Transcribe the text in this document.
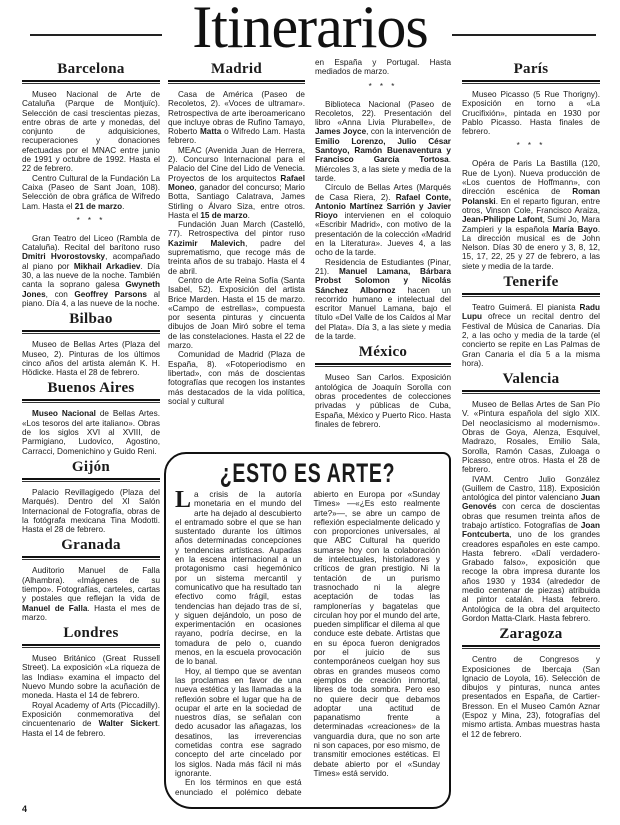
Itinerarios
Barcelona

Museo Nacional de Arte de Cataluña (Parque de Montjuïc). Selección de casi trescientas piezas, entre obras de arte y monedas, del conjunto de adquisiciones, recuperaciones y donaciones efectuadas por el MNAC entre junio de 1991 y octubre de 1992. Hasta el 22 de febrero.

Centro Cultural de la Fundación La Caixa (Paseo de Sant Joan, 108). Selección de obra gráfica de Wifredo Lam. Hasta el 21 de marzo.

* * *

Gran Teatro del Liceo (Rambla de Cataluña). Recital del barítono ruso Dmitri Hvorostovsky, acompañado al piano por Mikhail Arkadiev. Día 30, a las nueve de la noche. También canta la soprano galesa Gwyneth Jones, con Geoffrey Parsons al piano. Día 4, a las nueve de la noche.

Bilbao

Museo de Bellas Artes (Plaza del Museo, 2). Pinturas de los últimos cinco años del artista alemán K. H. Hödicke. Hasta el 28 de febrero.

Buenos Aires

Museo Nacional de Bellas Artes. «Los tesoros del arte italiano». Obras de los siglos XVI al XVIII, de Parmigiano, Ludovico, Agostino, Carracci, Domenichino y Guido Reni.

Gijón

Palacio Revillagigedo (Plaza del Marqués). Dentro del XI Salón Internacional de Fotografía, obras de la fotógrafa mexicana Tina Modotti. Hasta el 28 de febrero.

Granada

Auditorio Manuel de Falla (Alhambra). «Imágenes de su tiempo». Fotografías, carteles, cartas y postales que reflejan la vida de Manuel de Falla. Hasta el mes de marzo.

Londres

Museo Británico (Great Russell Street). La exposición «La riqueza de las Indias» examina el impacto del Nuevo Mundo sobre la acuñación de moneda. Hasta el 14 de febrero.

Royal Academy of Arts (Piccadilly). Exposición conmemorativa del cincuentenario de Walter Sickert. Hasta el 14 de febrero.

Madrid

Casa de América (Paseo de Recoletos, 2). «Voces de ultramar». Retrospectiva de arte iberoamericano que incluye obras de Rufino Tamayo, Roberto Matta o Wifredo Lam. Hasta febrero.

MEAC (Avenida Juan de Herrera, 2). Concurso Internacional para el Palacio del Cine del Lido de Venecia. Proyectos de los arquitectos Rafael Moneo, ganador del concurso; Mario Botta, Santiago Calatrava, James Stirling o Álvaro Siza, entre otros. Hasta el 15 de marzo.

Fundación Juan March (Castelló, 77). Retrospectiva del pintor ruso Kazimir Malevich, padre del suprematismo, que recoge más de treinta años de su trabajo. Hasta el 4 de abril.

Centro de Arte Reina Sofía (Santa Isabel, 52). Exposición del artista Brice Marden. Hasta el 15 de marzo. «Campo de estrellas», compuesta por sesenta pinturas y cincuenta dibujos de Joan Miró sobre el tema de las constelaciones. Hasta el 22 de marzo.

Comunidad de Madrid (Plaza de España, 8). «Fotoperiodismo en libertad», con más de doscientas fotografías que recogen los instantes más destacados de la vida política, social y cultural

en España y Portugal. Hasta mediados de marzo.

* * *

Biblioteca Nacional (Paseo de Recoletos, 22). Presentación del libro «Anna Livia Plurabelle», de James Joyce, con la intervención de Emilio Lorenzo, Julio César Santoyo, Ramón Buenaventura y Francisco García Tortosa. Miércoles 3, a las siete y media de la tarde.

Círculo de Bellas Artes (Marqués de Casa Riera, 2). Rafael Conte, Antonio Martínez Sarrión y Javier Rioyo intervienen en el coloquio «Escribir Madrid», con motivo de la presentación de la colección «Madrid en la Literatura». Jueves 4, a las ocho de la tarde.

Residencia de Estudiantes (Pinar, 21). Manuel Lamana, Bárbara Probst Solomon y Nicolás Sánchez Albornoz hacen un recorrido humano e intelectual del escritor Manuel Lamana, bajo el título «Del Valle de los Caídos al Mar del Plata». Día 3, a las siete y media de la tarde.

México

Museo San Carlos. Exposición antológica de Joaquín Sorolla con obras procedentes de colecciones privadas y públicas de Cuba, España, México y Puerto Rico. Hasta finales de febrero.

París

Museo Picasso (5 Rue Thorigny). Exposición en torno a «La Crucifixión», pintada en 1930 por Pablo Picasso. Hasta finales de febrero.

* * *

Opéra de Paris La Bastilla (120, Rue de Lyon). Nueva producción de «Los cuentos de Hoffmann», con dirección escénica de Roman Polanski. En el reparto figuran, entre otros, Vinson Cole, Francisco Araiza, Jean-Philippe Lafont, Sumi Jo, Mara Zampieri y la española María Bayo. La dirección musical es de John Nelson. Días 30 de enero y 3, 8, 12, 15, 17, 22, 25 y 27 de febrero, a las siete y media de la tarde.

Tenerife

Teatro Guimerá. El pianista Radu Lupu ofrece un recital dentro del Festival de Música de Canarias. Día 2, a las ocho y media de la tarde (el concierto se repite en Las Palmas de Gran Canaria el día 5 a la misma hora).

Valencia

Museo de Bellas Artes de San Pío V. «Pintura española del siglo XIX. Del neoclasicismo al modernismo». Obras de Goya, Alenza, Esquivel, Madrazo, Rosales, Emilio Sala, Sorolla, Ramón Casas, Zuloaga o Picasso, entre otros. Hasta el 28 de febrero.

IVAM. Centro Julio González (Guillem de Castro, 118). Exposición antológica del pintor valenciano Juan Genovés con cerca de doscientas obras que resumen treinta años de trabajo artístico. Fotografías de Joan Fontcuberta, uno de los grandes creadores españoles en este campo. Hasta febrero. «Dalí verdadero-Grabado falso», exposición que recoge la obra impresa durante los años 1930 y 1934 (alrededor de medio centenar de piezas) atribuida al pintor catalán. Hasta febrero. Antológica de la obra del arquitecto Gordon Matta-Clark. Hasta febrero.

Zaragoza

Centro de Congresos y Exposiciones de Ibercaja (San Ignacio de Loyola, 16). Selección de dibujos y pinturas, nunca antes presentados en España, de Cartier-Bresson. En el Museo Camón Aznar (Espoz y Mina, 23), fotografías del mismo artista. Ambas muestras hasta el 12 de febrero.

¿ESTO ES ARTE?

La crisis de la autoría monetaria en el mundo del arte ha dejado al descubierto el entramado sobre el que se han sustentado durante los últimos años determinadas concepciones y tendencias artísticas. Aupadas en la escena internacional a un protagonismo casi hegemónico por un sistema mercantil y comunicativo que ha resultado tan efectivo como frágil, estas tendencias han dejado tras de sí, y siguen dejándolo, un poso de experimentación en ocasiones rayano, podría decirse, en la tomadura de pelo o, cuando menos, en la escuela provocación de lo banal.

Hoy, al tiempo que se aventan las proclamas en favor de una nueva estética y las llamadas a la reflexión sobre el lugar que ha de ocupar el arte en la sociedad de nuestros días, se señalan con dedo acusador las añagazas, los desatinos, las irreverencias cometidas contra ese sagrado concepto del arte cincelado por los siglos. Nada más fácil ni más ignorante.

En los términos en que está enunciado el polémico debate abierto en Europa por «Sunday Times» —«¿Es esto realmente arte?»—, se abre un campo de reflexión especialmente delicado y con proporciones universales, al que ABC Cultural ha querido sumarse hoy con la colaboración de intelectuales, historiadores y críticos de gran prestigio. Ni la tentación de un purismo trasnochado ni la alegre aceptación de todas las ramplonerías y bagatelas que circulan hoy por el mundo del arte, pueden simplificar el dilema al que conduce este debate. Artistas que en su época fueron denigrados por el juicio de sus contemporáneos cuelgan hoy sus obras en grandes museos como ejemplos de creación inmortal, libres de toda sombra. Pero eso no quiere decir que debamos adoptar una actitud de papanatismo frente a determinadas «creaciones» de la vanguardia dura, que no son arte ni son capaces, por eso mismo, de transmitir emociones estéticas. El debate abierto por el «Sunday Times» está servido.

4
